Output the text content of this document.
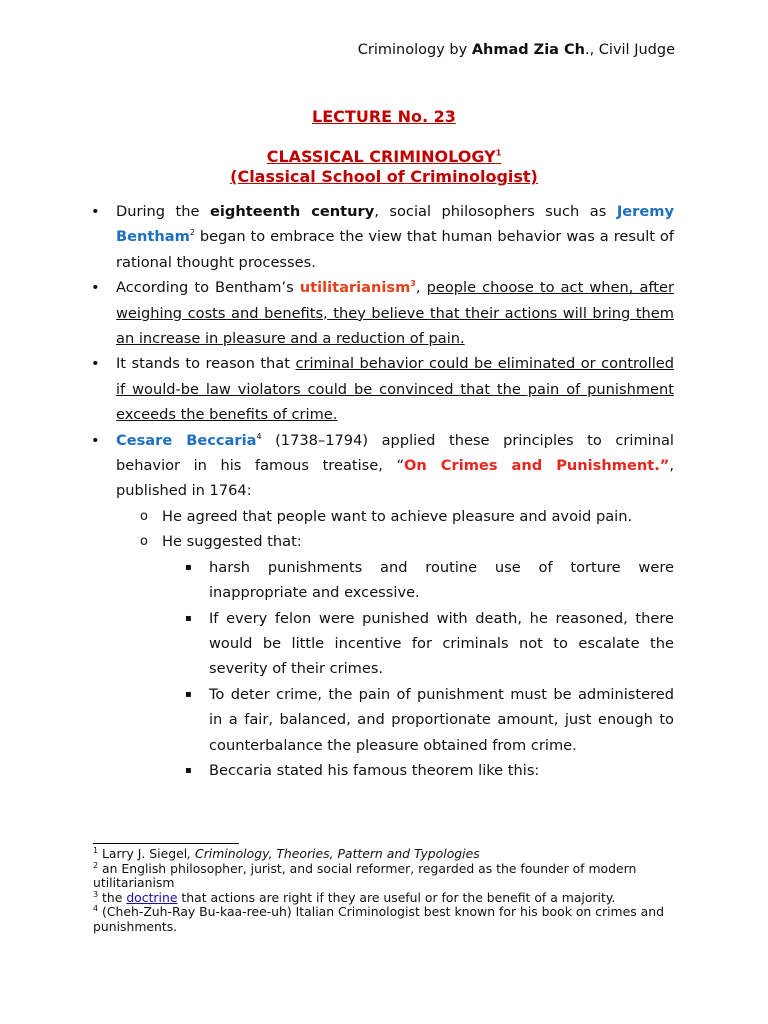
Criminology by Ahmad Zia Ch., Civil Judge
LECTURE No. 23
CLASSICAL CRIMINOLOGY$^1$
(Classical School of Criminologist)
• During the eighteenth century, social philosophers such as Jeremy Bentham$^2$ began to embrace the view that human behavior was a result of rational thought processes.
• According to Bentham’s utilitarianism$^3$, people choose to act when, after weighing costs and benefits, they believe that their actions will bring them an increase in pleasure and a reduction of pain.
• It stands to reason that criminal behavior could be eliminated or controlled if would-be law violators could be convinced that the pain of punishment exceeds the benefits of crime.
• Cesare Beccaria$^4$ (1738–1794) applied these principles to criminal behavior in his famous treatise, “On Crimes and Punishment.”, published in 1764:
o He agreed that people want to achieve pleasure and avoid pain.
o He suggested that:
▪ harsh punishments and routine use of torture were inappropriate and excessive.
▪ If every felon were punished with death, he reasoned, there would be little incentive for criminals not to escalate the severity of their crimes.
▪ To deter crime, the pain of punishment must be administered in a fair, balanced, and proportionate amount, just enough to counterbalance the pleasure obtained from crime.
▪ Beccaria stated his famous theorem like this:

$^1$ Larry J. Siegel, Criminology, Theories, Pattern and Typologies

$^2$ an English philosopher, jurist, and social reformer, regarded as the founder of modern utilitarianism

$^3$ the doctrine that actions are right if they are useful or for the benefit of a majority.

$^4$ (Cheh-Zuh-Ray Bu-kaa-ree-uh) Italian Criminologist best known for his book on crimes and punishments.
